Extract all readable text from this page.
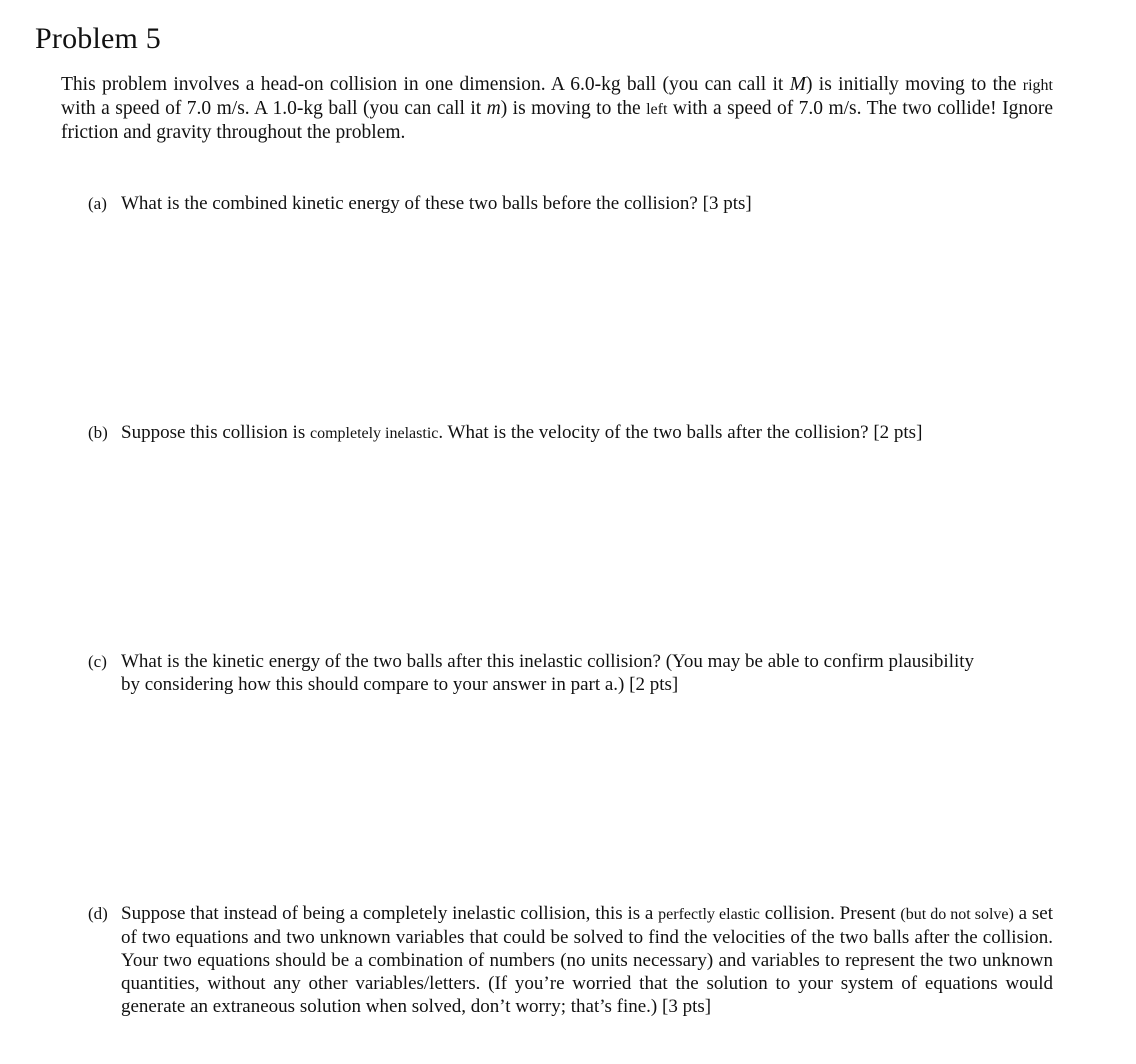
Problem 5

This problem involves a head-on collision in one dimension. A 6.0-kg ball (you can call it M) is initially moving to the right with a speed of 7.0 m/s. A 1.0-kg ball (you can call it m) is moving to the left with a speed of 7.0 m/s. The two collide! Ignore friction and gravity throughout the problem.

(a) What is the combined kinetic energy of these two balls before the collision? [3 pts]
(b) Suppose this collision is completely inelastic. What is the velocity of the two balls after the collision? [2 pts]
(c) What is the kinetic energy of the two balls after this inelastic collision? (You may be able to confirm plausibility by considering how this should compare to your answer in part a.) [2 pts]
(d) Suppose that instead of being a completely inelastic collision, this is a perfectly elastic collision. Present (but do not solve) a set of two equations and two unknown variables that could be solved to find the velocities of the two balls after the collision. Your two equations should be a combination of numbers (no units necessary) and variables to represent the two unknown quantities, without any other variables/letters. (If you’re worried that the solution to your system of equations would generate an extraneous solution when solved, don’t worry; that’s fine.) [3 pts]
